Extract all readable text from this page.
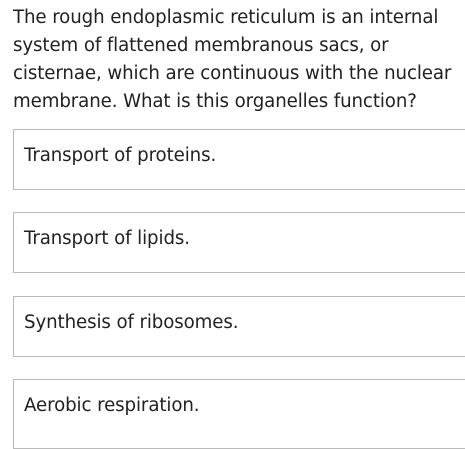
The rough endoplasmic reticulum is an internal system of flattened membranous sacs, or cisternae, which are continuous with the nuclear membrane. What is this organelles function?

Transport of proteins.
Transport of lipids.
Synthesis of ribosomes.
Aerobic respiration.
